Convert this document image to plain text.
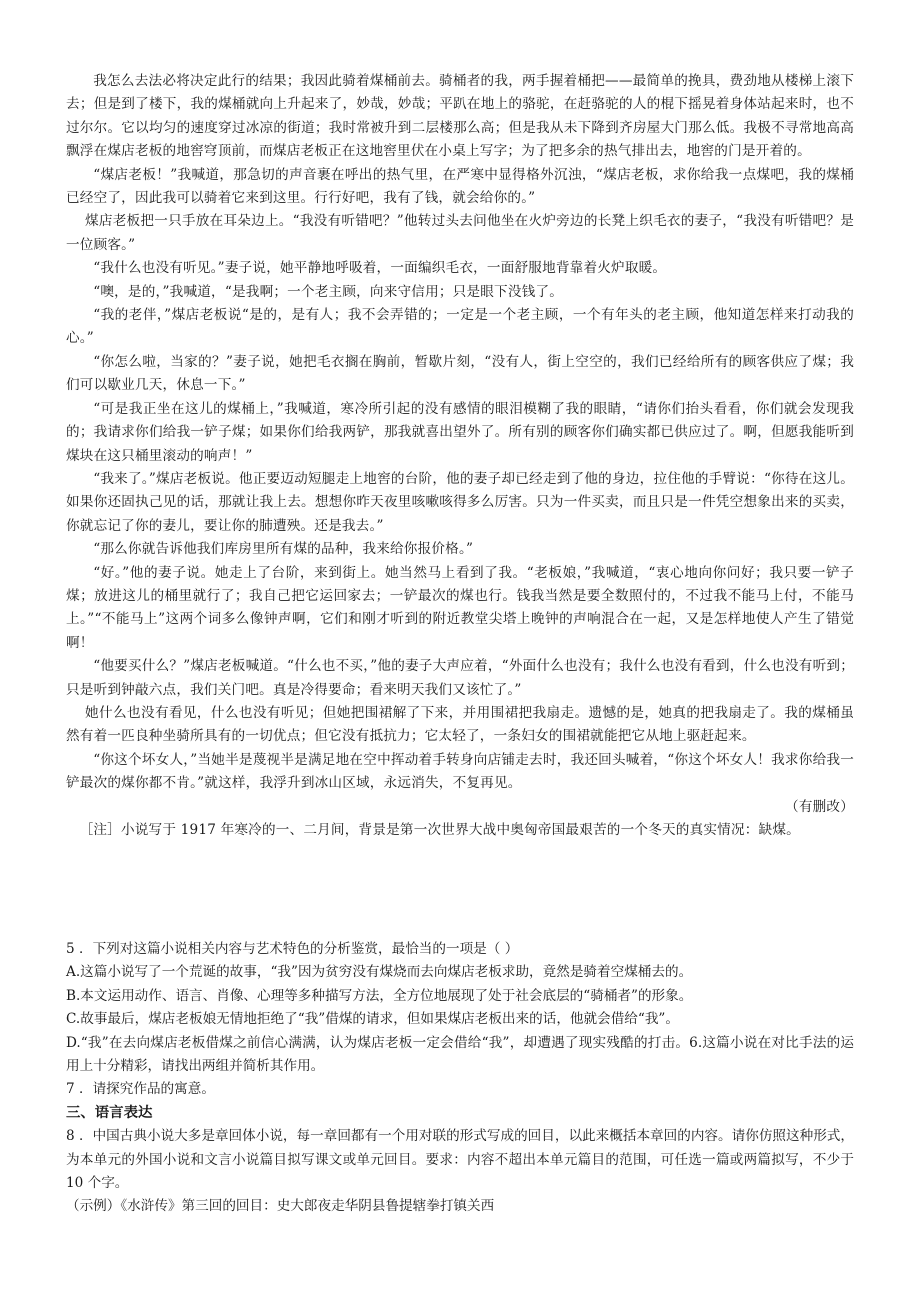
我怎么去法必将决定此行的结果；我因此骑着煤桶前去。骑桶者的我，两手握着桶把——最简单的挽具，费劲地从楼梯上滚下去；但是到了楼下，我的煤桶就向上升起来了，妙哉，妙哉；平趴在地上的骆驼，在赶骆驼的人的棍下摇晃着身体站起来时，也不过尔尔。它以均匀的速度穿过冰凉的街道；我时常被升到二层楼那么高；但是我从未下降到齐房屋大门那么低。我极不寻常地高高飘浮在煤店老板的地窖穹顶前，而煤店老板正在这地窖里伏在小桌上写字；为了把多余的热气排出去，地窖的门是开着的。

“煤店老板！”我喊道，那急切的声音裹在呼出的热气里，在严寒中显得格外沉浊，“煤店老板，求你给我一点煤吧，我的煤桶已经空了，因此我可以骑着它来到这里。行行好吧，我有了钱，就会给你的。”

煤店老板把一只手放在耳朵边上。“我没有听错吧？”他转过头去问他坐在火炉旁边的长凳上织毛衣的妻子，“我没有听错吧？是一位顾客。”

“我什么也没有听见。”妻子说，她平静地呼吸着，一面编织毛衣，一面舒服地背靠着火炉取暖。

“噢，是的，”我喊道，“是我啊；一个老主顾，向来守信用；只是眼下没钱了。

“我的老伴，”煤店老板说“是的，是有人；我不会弄错的；一定是一个老主顾，一个有年头的老主顾，他知道怎样来打动我的心。”

“你怎么啦，当家的？”妻子说，她把毛衣搁在胸前，暂歇片刻，“没有人，街上空空的，我们已经给所有的顾客供应了煤；我们可以歇业几天，休息一下。”

“可是我正坐在这儿的煤桶上，”我喊道，寒冷所引起的没有感情的眼泪模糊了我的眼睛，“请你们抬头看看，你们就会发现我的；我请求你们给我一铲子煤；如果你们给我两铲，那我就喜出望外了。所有别的顾客你们确实都已供应过了。啊，但愿我能听到煤块在这只桶里滚动的响声！”

“我来了。”煤店老板说。他正要迈动短腿走上地窖的台阶，他的妻子却已经走到了他的身边，拉住他的手臂说：“你待在这儿。如果你还固执己见的话，那就让我上去。想想你昨天夜里咳嗽咳得多么厉害。只为一件买卖，而且只是一件凭空想象出来的买卖，你就忘记了你的妻儿，要让你的肺遭殃。还是我去。”

“那么你就告诉他我们库房里所有煤的品种，我来给你报价格。”

“好。”他的妻子说。她走上了台阶，来到街上。她当然马上看到了我。“老板娘，”我喊道，“衷心地向你问好；我只要一铲子煤；放进这儿的桶里就行了；我自己把它运回家去；一铲最次的煤也行。钱我当然是要全数照付的，不过我不能马上付，不能马上。”“不能马上”这两个词多么像钟声啊，它们和刚才听到的附近教堂尖塔上晚钟的声响混合在一起，又是怎样地使人产生了错觉啊！

“他要买什么？”煤店老板喊道。“什么也不买，”他的妻子大声应着，“外面什么也没有；我什么也没有看到，什么也没有听到；只是听到钟敲六点，我们关门吧。真是冷得要命；看来明天我们又该忙了。”

她什么也没有看见，什么也没有听见；但她把围裙解了下来，并用围裙把我扇走。遗憾的是，她真的把我扇走了。我的煤桶虽然有着一匹良种坐骑所具有的一切优点；但它没有抵抗力；它太轻了，一条妇女的围裙就能把它从地上驱赶起来。

“你这个坏女人，”当她半是蔑视半是满足地在空中挥动着手转身向店铺走去时，我还回头喊着，“你这个坏女人！我求你给我一铲最次的煤你都不肯。”就这样，我浮升到冰山区域，永远消失，不复再见。

（有删改）

［注］小说写于 1917 年寒冷的一、二月间，背景是第一次世界大战中奥匈帝国最艰苦的一个冬天的真实情况：缺煤。

5 ．下列对这篇小说相关内容与艺术特色的分析鉴赏，最恰当的一项是（ ）

A.这篇小说写了一个荒诞的故事，“我”因为贫穷没有煤烧而去向煤店老板求助，竟然是骑着空煤桶去的。

B.本文运用动作、语言、肖像、心理等多种描写方法，全方位地展现了处于社会底层的“骑桶者”的形象。

C.故事最后，煤店老板娘无情地拒绝了“我”借煤的请求，但如果煤店老板出来的话，他就会借给“我”。

D.“我”在去向煤店老板借煤之前信心满满，认为煤店老板一定会借给“我”，却遭遇了现实残酷的打击。6.这篇小说在对比手法的运用上十分精彩，请找出两组并简析其作用。

7 ．请探究作品的寓意。

三、语言表达

8 ．中国古典小说大多是章回体小说，每一章回都有一个用对联的形式写成的回目，以此来概括本章回的内容。请你仿照这种形式，为本单元的外国小说和文言小说篇目拟写课文或单元回目。要求：内容不超出本单元篇目的范围，可任选一篇或两篇拟写，不少于 10 个字。

（示例）《水浒传》第三回的回目：史大郎夜走华阴县鲁提辖拳打镇关西
